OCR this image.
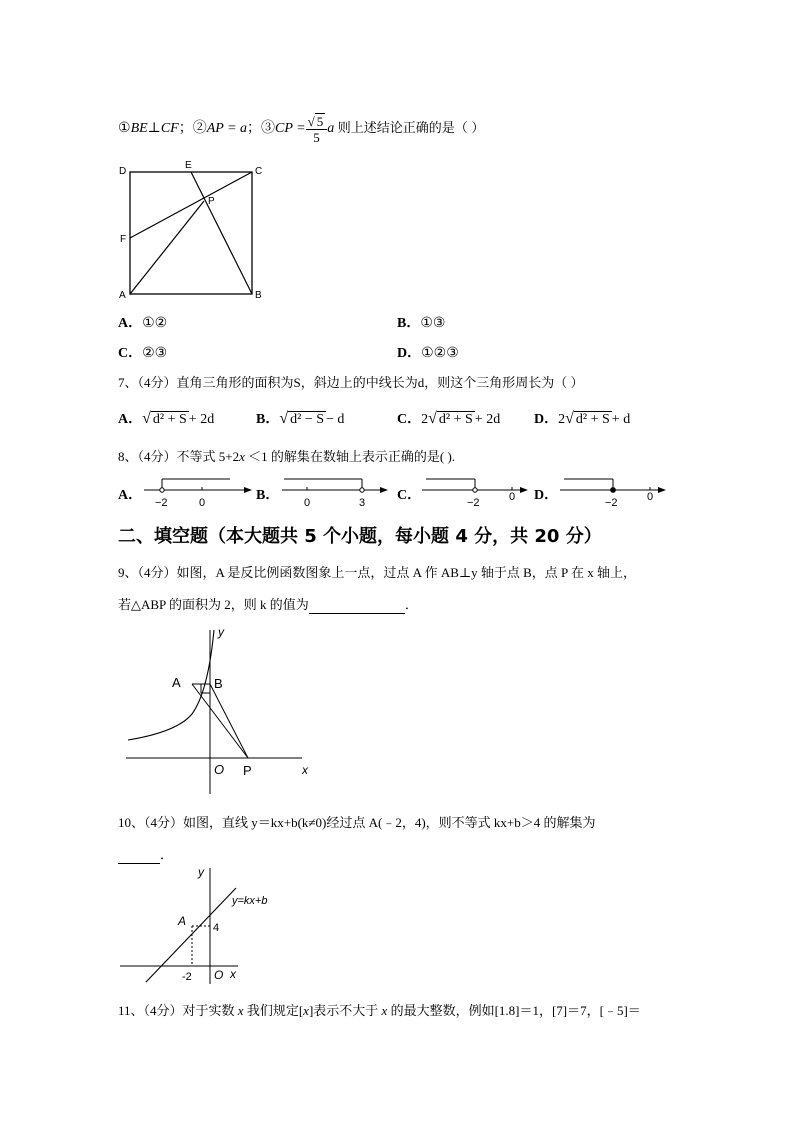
①BE⊥CF；②AP = a；③CP = $\frac{√ 5}{5}$ a 则上述结论正确的是（ ）
D
E
C
P
F
A	B
A．①②	B．①③
C．②③	D．①②③
7、（4分）直角三角形的面积为S，斜边上的中线长为d，则这个三角形周长为（ ）
A．√ d² + S + 2d	B．√ d² − S − d	C．2√ d² + S + 2d D．2√ d² + S + d
8、（4分）不等式 5+2x ＜1 的解集在数轴上表示正确的是( ).
A． −2	0	B． 0	3 C．	−2	0 D．	−2	0
二、填空题（本大题共 5 个小题，每小题 4 分，共 20 分）
9、（4分）如图，A 是反比例函数图象上一点，过点 A 作 AB⊥y 轴于点 B，点 P 在 x 轴上，
若△ABP 的面积为 2，则 k 的值为	．
y
A	B
O P	x
10、（4分）如图，直线 y＝kx+b(k≠0)经过点 A(﹣2，4)，则不等式 kx+b＞4 的解集为
．
y
y=kx+b
A 4
-2 O x
11、（4分）对于实数 x 我们规定[x]表示不大于 x 的最大整数，例如[1.8]＝1，[7]＝7，[﹣5]＝
